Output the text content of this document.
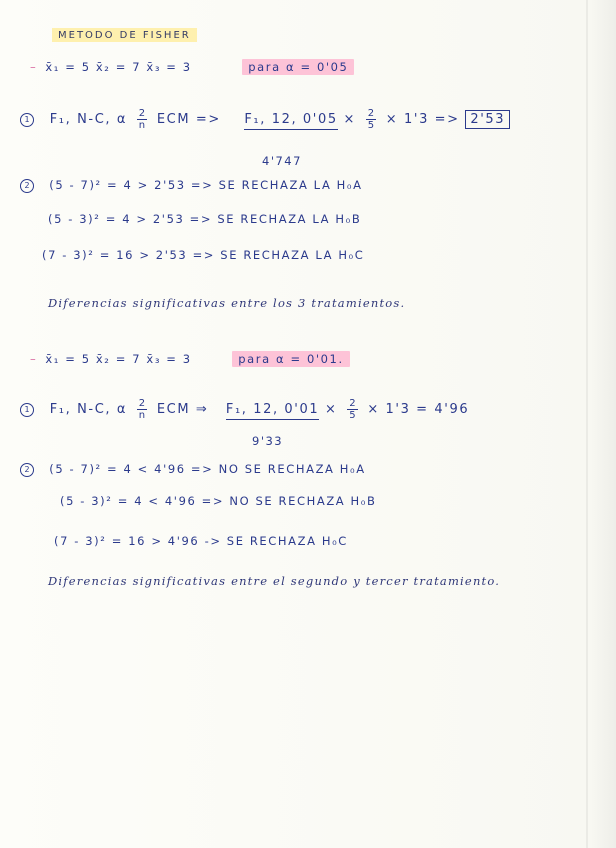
METODO DE FISHER
– x̄₁ = 5 x̄₂ = 7 x̄₃ = 3	para α = 0'05
1 F₁, N-C, α $\frac{2}{n}$ ECM => F₁, 12, $0'05 \times \frac{2}{5} \times 1'3 => 2'53$
4'747
2 (5 - 7)² = 4 > 2'53 => SE RECHAZA LA H₀A
(5 - 3)² = 4 > 2'53 => SE RECHAZA LA H₀B
(7 - 3)² = 16 > 2'53 => SE RECHAZA LA H₀C
Diferencias significativas entre los 3 tratamientos.
– x̄₁ = 5 x̄₂ = 7 x̄₃ = 3	para α = 0'01.
1 F₁, N-C, α $\frac{2}{n}$ ECM ⇒ F₁, 12, $0'01 \times \frac{2}{5} \times 1'3 = 4'96$
9'33
2 (5 - 7)² = 4 < 4'96 => NO SE RECHAZA H₀A
(5 - 3)² = 4 < 4'96 => NO SE RECHAZA H₀B
(7 - 3)² = 16 > 4'96 -> SE RECHAZA H₀C
Diferencias significativas entre el segundo y tercer tratamiento.
